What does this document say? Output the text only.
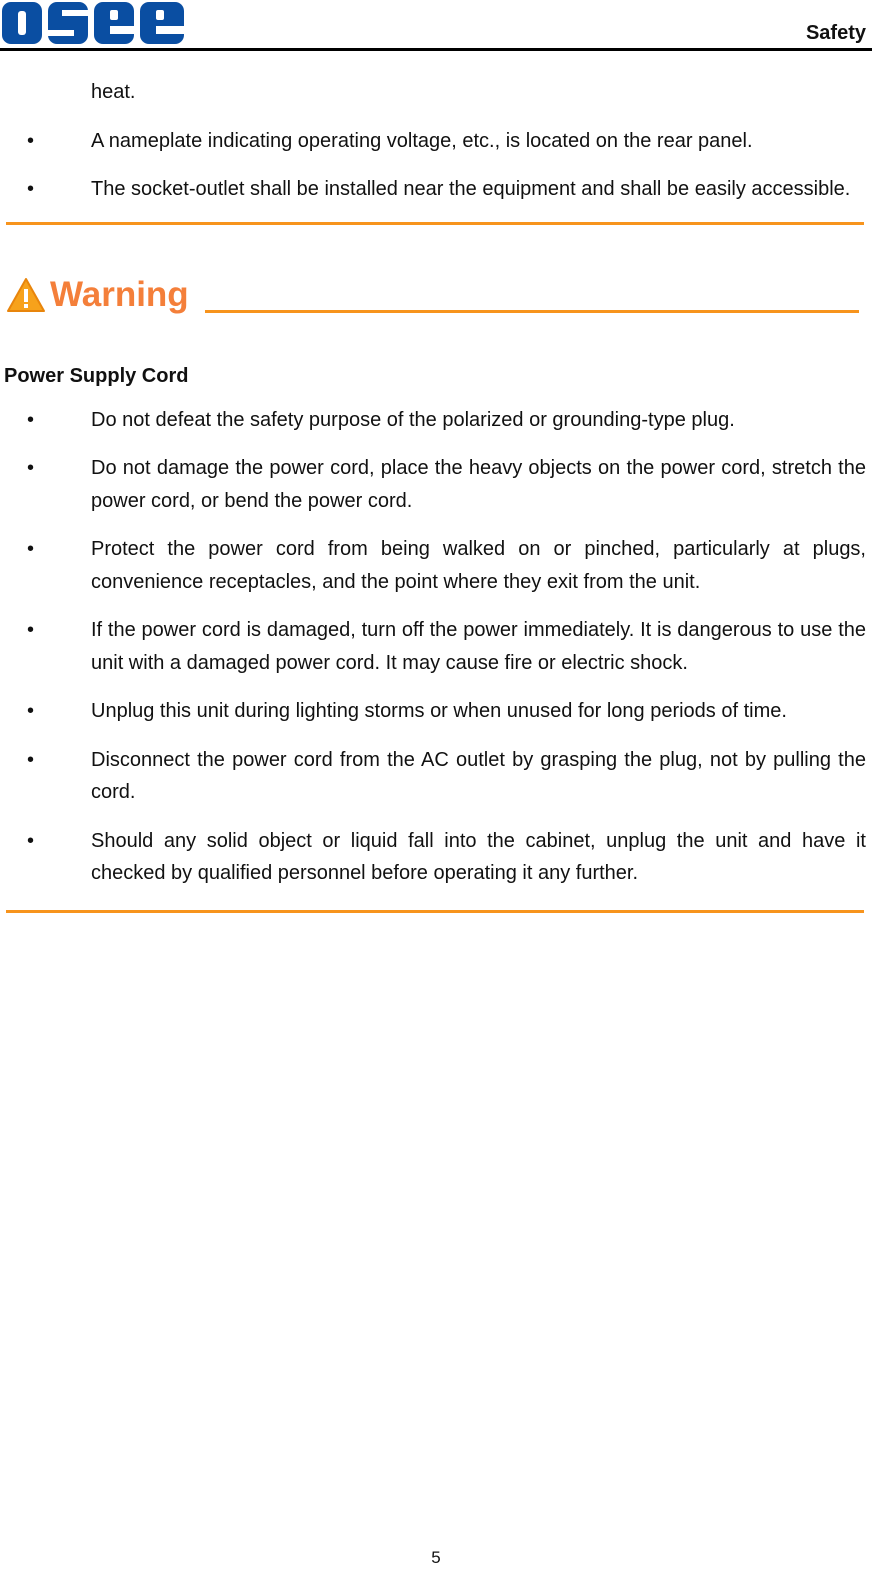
Safety
heat.
•	A nameplate indicating operating voltage, etc., is located on the rear panel.
•	The socket-outlet shall be installed near the equipment and shall be easily accessible.
Warning
Power Supply Cord
•	Do not defeat the safety purpose of the polarized or grounding-type plug.
•	Do not damage the power cord, place the heavy objects on the power cord, stretch the power cord, or bend the power cord.
•	Protect the power cord from being walked on or pinched, particularly at plugs, convenience receptacles, and the point where they exit from the unit.
•	If the power cord is damaged, turn off the power immediately. It is dangerous to use the unit with a damaged power cord. It may cause fire or electric shock.
•	Unplug this unit during lighting storms or when unused for long periods of time.
•	Disconnect the power cord from the AC outlet by grasping the plug, not by pulling the cord.
•	Should any solid object or liquid fall into the cabinet, unplug the unit and have it checked by qualified personnel before operating it any further.
5
